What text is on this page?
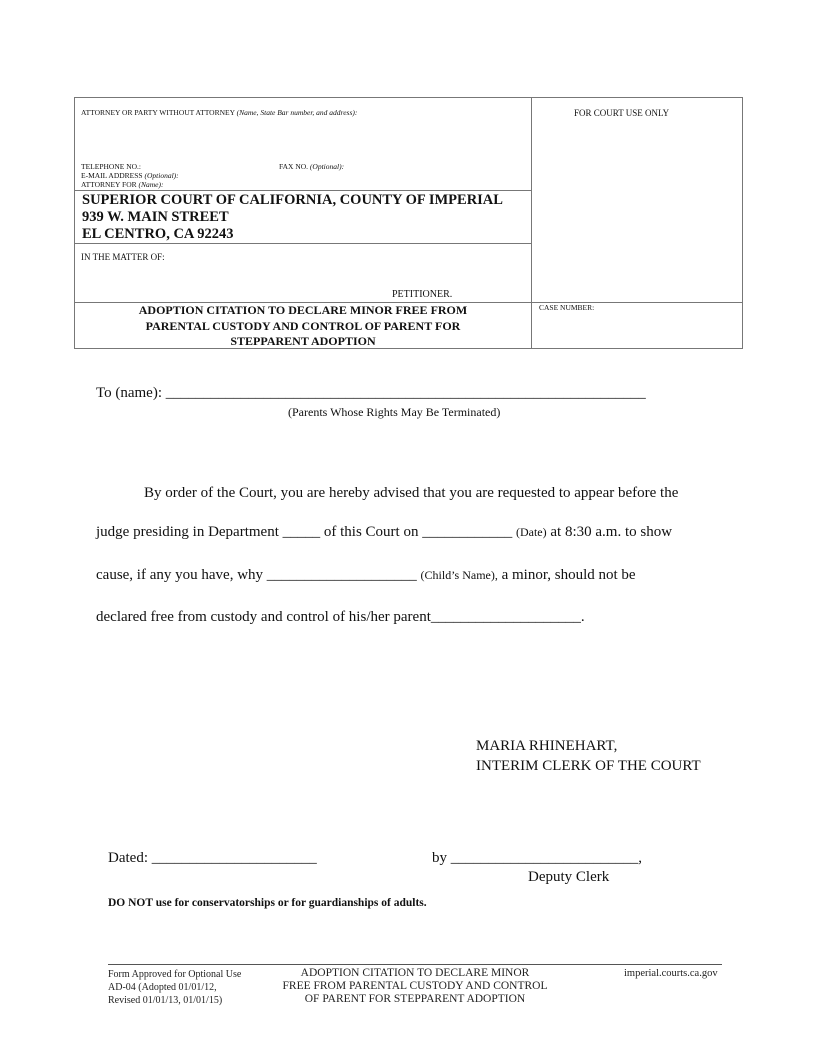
ATTORNEY OR PARTY WITHOUT ATTORNEY (Name, State Bar number, and address):	FOR COURT USE ONLY
TELEPHONE NO.:	FAX NO. (Optional):
E-MAIL ADDRESS (Optional):
ATTORNEY FOR (Name):
SUPERIOR COURT OF CALIFORNIA, COUNTY OF IMPERIAL
939 W. MAIN STREET
EL CENTRO, CA 92243
IN THE MATTER OF:
PETITIONER.
ADOPTION CITATION TO DECLARE MINOR FREE FROM
PARENTAL CUSTODY AND CONTROL OF PARENT FOR
STEPPARENT ADOPTION
CASE NUMBER:
To (name): ________________________________________________________________
(Parents Whose Rights May Be Terminated)
By order of the Court, you are hereby advised that you are requested to appear before the
judge presiding in Department _____ of this Court on ____________ (Date) at 8:30 a.m. to show
cause, if any you have, why ____________________ (Child’s Name), a minor, should not be
declared free from custody and control of his/her parent____________________.
MARIA RHINEHART,
INTERIM CLERK OF THE COURT
Dated: ______________________	by _________________________,
Deputy Clerk
DO NOT use for conservatorships or for guardianships of adults.
Form Approved for Optional Use
AD-04 (Adopted 01/01/12,
Revised 01/01/13, 01/01/15)
ADOPTION CITATION TO DECLARE MINOR
FREE FROM PARENTAL CUSTODY AND CONTROL
OF PARENT FOR STEPPARENT ADOPTION
imperial.courts.ca.gov
